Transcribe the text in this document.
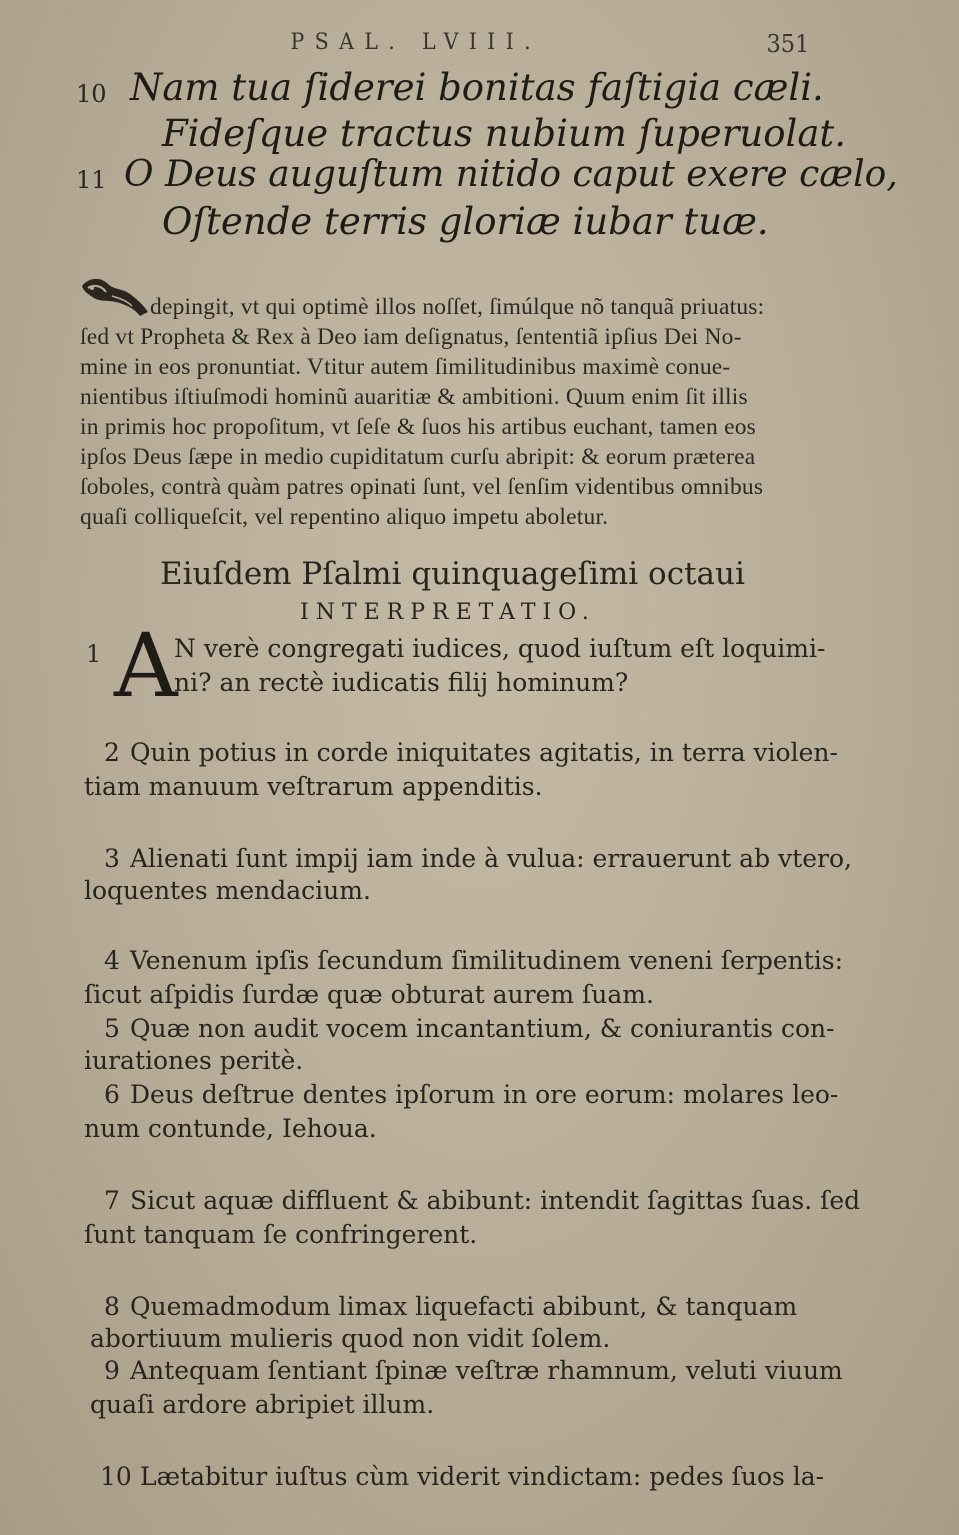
PSAL. LVIII.	351
10 Nam tua ſiderei bonitas faſtigia cæli.
Fideſque tractus nubium ſuperuolat.
11 O Deus auguſtum nitido caput exere cælo,
Oſtende terris gloriæ iubar tuæ.
depingit, vt qui optimè illos noſſet, ſimúlque nõ tanquã priuatus:
ſed vt Propheta & Rex à Deo iam deſignatus, ſententiã ipſius Dei No-
mine in eos pronuntiat. Vtitur autem ſimilitudinibus maximè conue-
nientibus iſtiuſmodi hominũ auaritiæ & ambitioni. Quum enim ſit illis
in primis hoc propoſitum, vt ſeſe & ſuos his artibus euchant, tamen eos
ipſos Deus ſæpe in medio cupiditatum curſu abripit: & eorum præterea
ſoboles, contrà quàm patres opinati ſunt, vel ſenſim videntibus omnibus
quaſi colliqueſcit, vel repentino aliquo impetu aboletur.
Eiuſdem Pſalmi quinquageſimi octaui
INTERPRETATIO.
1 A
N verè congregati iudices, quod iuſtum eſt loquimi-
ni? an rectè iudicatis filij hominum?
2 Quin potius in corde iniquitates agitatis, in terra violen-
tiam manuum veſtrarum appenditis.
3 Alienati ſunt impij iam inde à vulua: errauerunt ab vtero,
loquentes mendacium.
4 Venenum ipſis ſecundum ſimilitudinem veneni ſerpentis:
ſicut aſpidis ſurdæ quæ obturat aurem ſuam.
5 Quæ non audit vocem incantantium, & coniurantis con-
iurationes peritè.
6 Deus deſtrue dentes ipſorum in ore eorum: molares leo-
num contunde, Iehoua.
7 Sicut aquæ diffluent & abibunt: intendit ſagittas ſuas. ſed
ſunt tanquam ſe confringerent.
8 Quemadmodum limax liquefacti abibunt, & tanquam
abortiuum mulieris quod non vidit ſolem.
9 Antequam ſentiant ſpinæ veſtræ rhamnum, veluti viuum
quaſi ardore abripiet illum.
10 Lætabitur iuſtus cùm viderit vindictam: pedes ſuos la-
